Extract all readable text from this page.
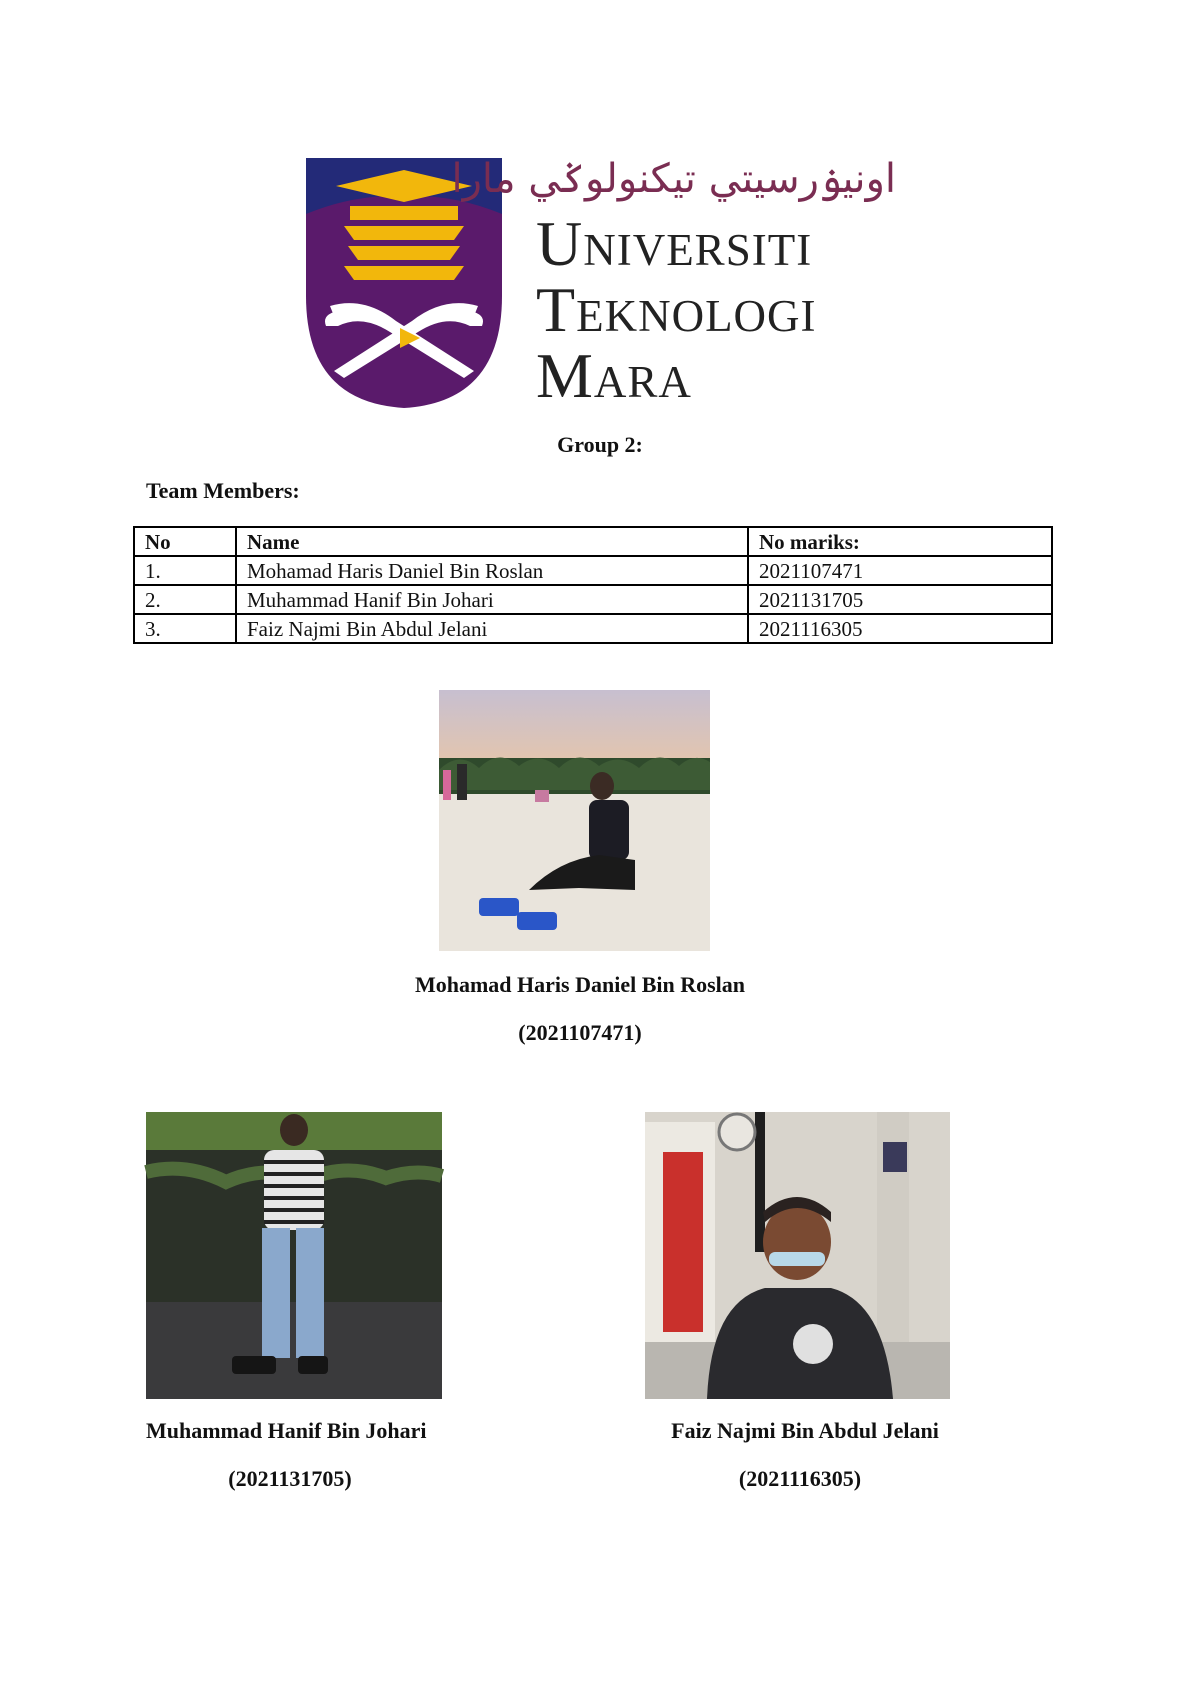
اونيۏرسيتي تيكنولوݢي مارا
Universiti
Teknologi
Mara
Group 2:
Team Members:
No	Name	No mariks:
1.	Mohamad Haris Daniel Bin Roslan	2021107471
2.	Muhammad Hanif Bin Johari	2021131705
3.	Faiz Najmi Bin Abdul Jelani	2021116305
Mohamad Haris Daniel Bin Roslan
(2021107471)
Muhammad Hanif Bin Johari
(2021131705)
Faiz Najmi Bin Abdul Jelani
(2021116305)
